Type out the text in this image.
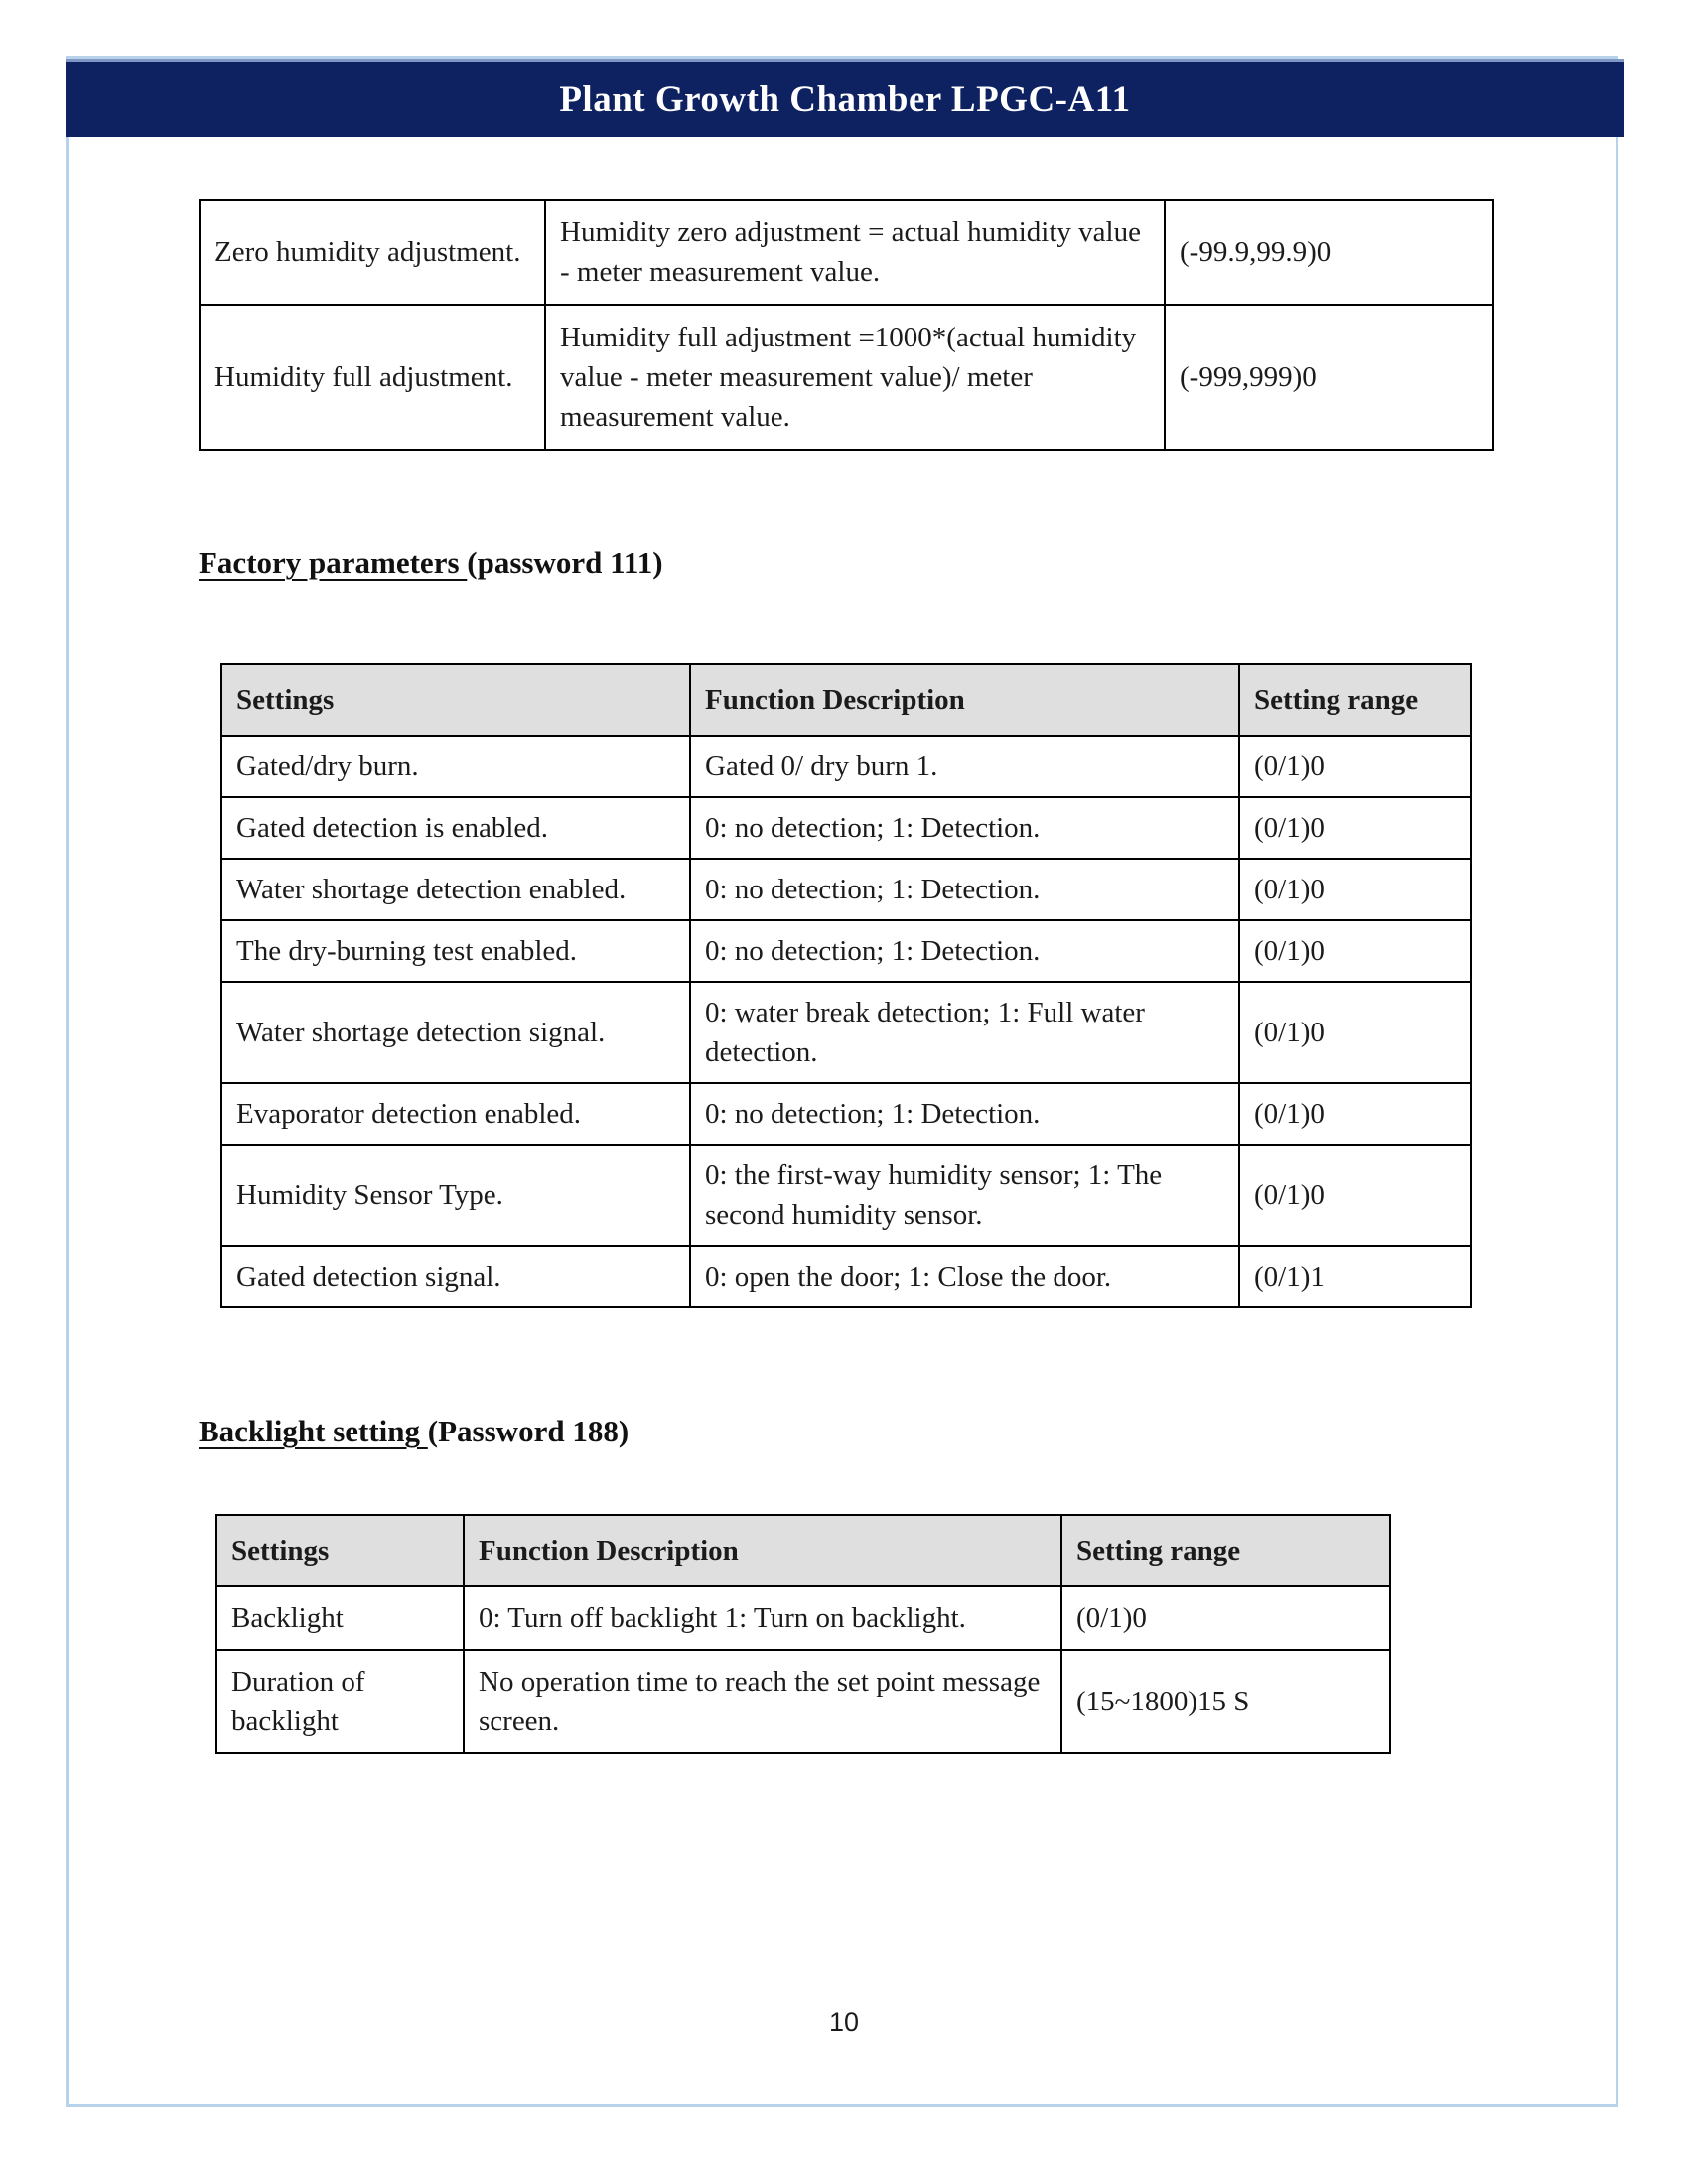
Plant Growth Chamber LPGC-A11
Zero humidity adjustment.	Humidity zero adjustment = actual humidity value - meter measurement value.	(-99.9,99.9)0
Humidity full adjustment.	Humidity full adjustment =1000*(actual humidity value - meter measurement value)/ meter measurement value.	(-999,999)0
Factory parameters (password 111)
Settings	Function Description	Setting range
Gated/dry burn.	Gated 0/ dry burn 1.	(0/1)0
Gated detection is enabled.	0: no detection; 1: Detection.	(0/1)0
Water shortage detection enabled.	0: no detection; 1: Detection.	(0/1)0
The dry-burning test enabled.	0: no detection; 1: Detection.	(0/1)0
Water shortage detection signal.	0: water break detection; 1: Full water detection.	(0/1)0
Evaporator detection enabled.	0: no detection; 1: Detection.	(0/1)0
Humidity Sensor Type.	0: the first-way humidity sensor; 1: The second humidity sensor.	(0/1)0
Gated detection signal.	0: open the door; 1: Close the door.	(0/1)1
Backlight setting (Password 188)
Settings	Function Description	Setting range
Backlight	0: Turn off backlight 1: Turn on backlight.	(0/1)0
Duration of backlight	No operation time to reach the set point message screen.	(15~1800)15 S
10
